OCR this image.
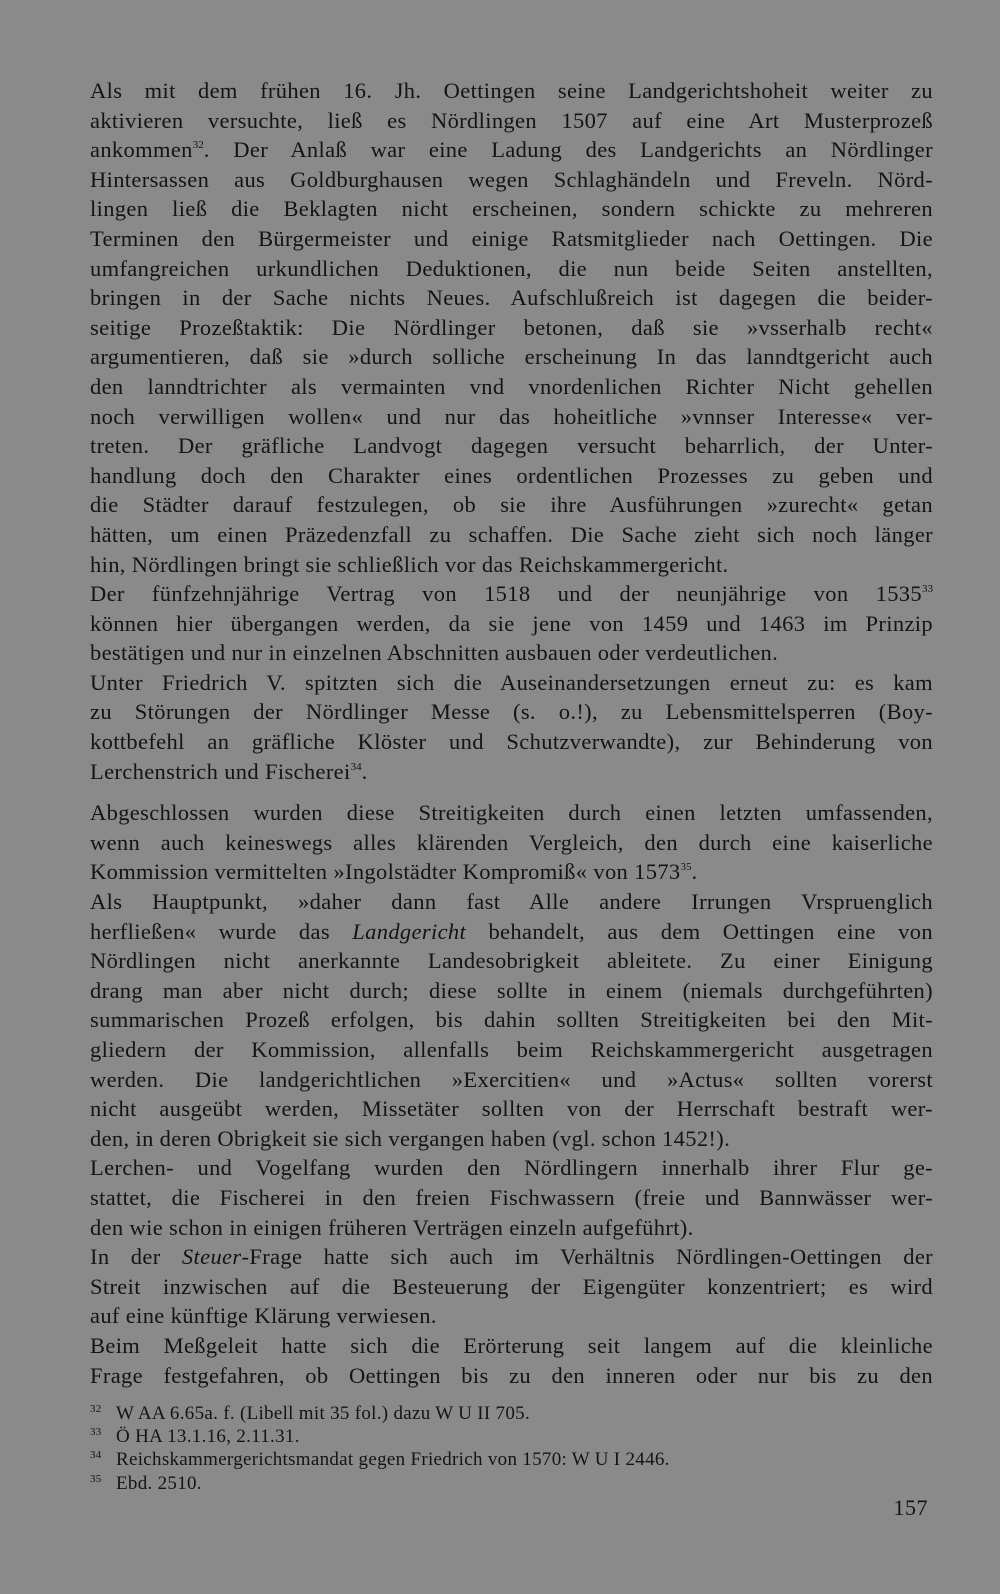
Als mit dem frühen 16. Jh. Oettingen seine Landgerichtshoheit weiter zu
aktivieren versuchte, ließ es Nördlingen 1507 auf eine Art Musterprozeß
ankommen$^{32}$. Der Anlaß war eine Ladung des Landgerichts an Nördlinger
Hintersassen aus Goldburghausen wegen Schlaghändeln und Freveln. Nörd-
lingen ließ die Beklagten nicht erscheinen, sondern schickte zu mehreren
Terminen den Bürgermeister und einige Ratsmitglieder nach Oettingen. Die
umfangreichen urkundlichen Deduktionen, die nun beide Seiten anstellten,
bringen in der Sache nichts Neues. Aufschlußreich ist dagegen die beider-
seitige Prozeßtaktik: Die Nördlinger betonen, daß sie »vsserhalb recht«
argumentieren, daß sie »durch solliche erscheinung In das lanndtgericht auch
den lanndtrichter als vermainten vnd vnordenlichen Richter Nicht gehellen
noch verwilligen wollen« und nur das hoheitliche »vnnser Interesse« ver-
treten. Der gräfliche Landvogt dagegen versucht beharrlich, der Unter-
handlung doch den Charakter eines ordentlichen Prozesses zu geben und
die Städter darauf festzulegen, ob sie ihre Ausführungen »zurecht« getan
hätten, um einen Präzedenzfall zu schaffen. Die Sache zieht sich noch länger
hin, Nördlingen bringt sie schließlich vor das Reichskammergericht.
Der fünfzehnjährige Vertrag von 1518 und der neunjährige von 1535$^{33}$
können hier übergangen werden, da sie jene von 1459 und 1463 im Prinzip
bestätigen und nur in einzelnen Abschnitten ausbauen oder verdeutlichen.
Unter Friedrich V. spitzten sich die Auseinandersetzungen erneut zu: es kam
zu Störungen der Nördlinger Messe (s. o.!), zu Lebensmittelsperren (Boy-
kottbefehl an gräfliche Klöster und Schutzverwandte), zur Behinderung von
Lerchenstrich und Fischerei$^{34}$.
Abgeschlossen wurden diese Streitigkeiten durch einen letzten umfassenden,
wenn auch keineswegs alles klärenden Vergleich, den durch eine kaiserliche
Kommission vermittelten »Ingolstädter Kompromiß« von 1573$^{35}$.
Als Hauptpunkt, »daher dann fast Alle andere Irrungen Vrspruenglich
herfließen« wurde das Landgericht behandelt, aus dem Oettingen eine von
Nördlingen nicht anerkannte Landesobrigkeit ableitete. Zu einer Einigung
drang man aber nicht durch; diese sollte in einem (niemals durchgeführten)
summarischen Prozeß erfolgen, bis dahin sollten Streitigkeiten bei den Mit-
gliedern der Kommission, allenfalls beim Reichskammergericht ausgetragen
werden. Die landgerichtlichen »Exercitien« und »Actus« sollten vorerst
nicht ausgeübt werden, Missetäter sollten von der Herrschaft bestraft wer-
den, in deren Obrigkeit sie sich vergangen haben (vgl. schon 1452!).
Lerchen- und Vogelfang wurden den Nördlingern innerhalb ihrer Flur ge-
stattet, die Fischerei in den freien Fischwassern (freie und Bannwässer wer-
den wie schon in einigen früheren Verträgen einzeln aufgeführt).
In der Steuer-Frage hatte sich auch im Verhältnis Nördlingen-Oettingen der
Streit inzwischen auf die Besteuerung der Eigengüter konzentriert; es wird
auf eine künftige Klärung verwiesen.
Beim Meßgeleit hatte sich die Erörterung seit langem auf die kleinliche
Frage festgefahren, ob Oettingen bis zu den inneren oder nur bis zu den
32 W AA 6.65a. f. (Libell mit 35 fol.) dazu W U II 705.
33 Ö HA 13.1.16, 2.11.31.
34 Reichskammergerichtsmandat gegen Friedrich von 1570: W U I 2446.
35 Ebd. 2510.
157
